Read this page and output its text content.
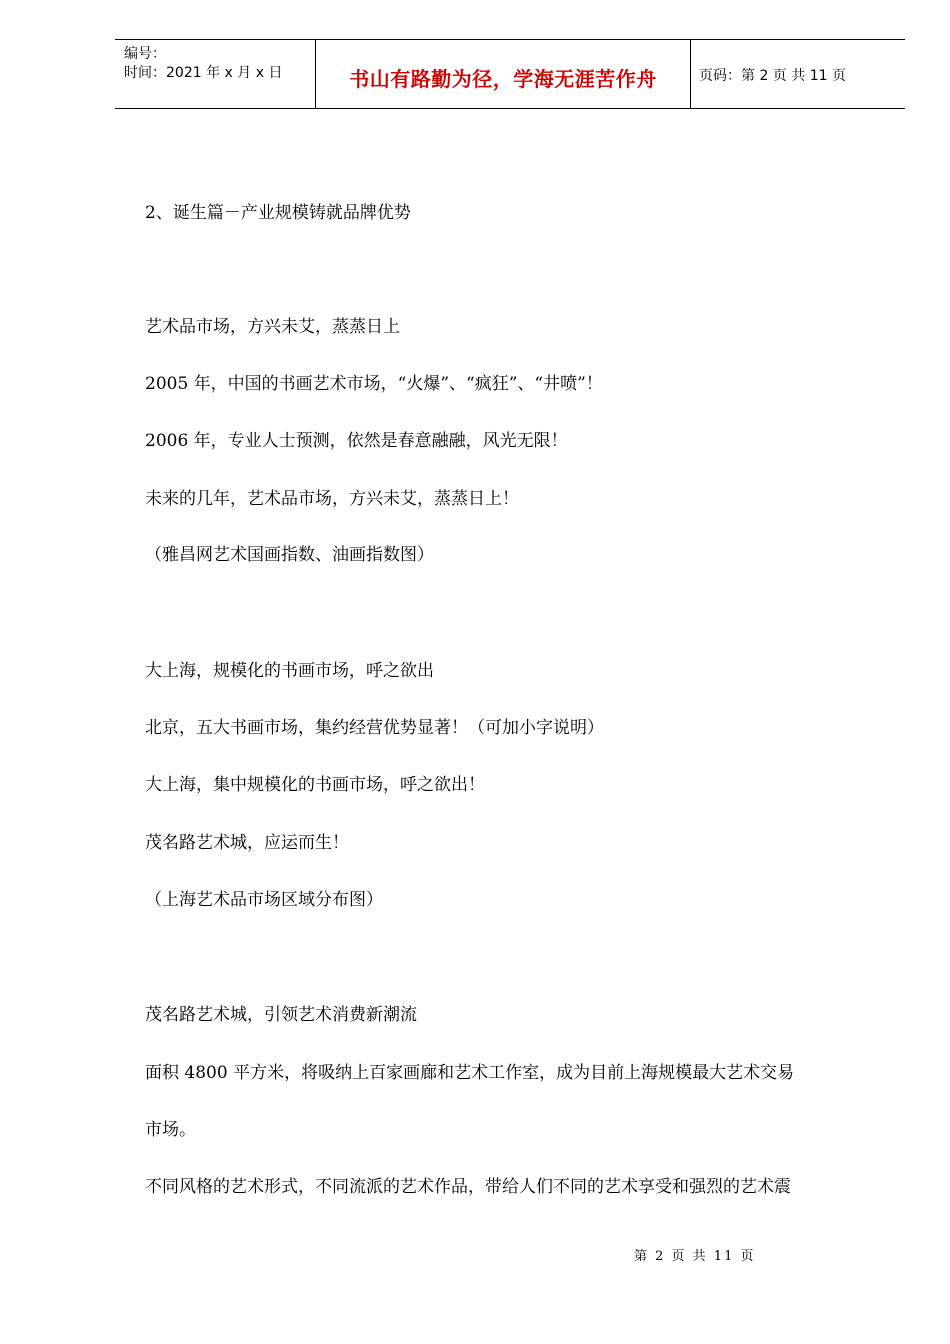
编号：
时间：2021 年 x 月 x 日	书山有路勤为径，学海无涯苦作舟	页码：第 2 页 共 11 页
2、诞生篇－产业规模铸就品牌优势
艺术品市场，方兴未艾，蒸蒸日上
2005 年，中国的书画艺术市场，“火爆”、“疯狂”、“井喷”！
2006 年，专业人士预测，依然是春意融融，风光无限！
未来的几年，艺术品市场，方兴未艾，蒸蒸日上！
（雅昌网艺术国画指数、油画指数图）
大上海，规模化的书画市场，呼之欲出
北京，五大书画市场，集约经营优势显著！（可加小字说明）
大上海，集中规模化的书画市场，呼之欲出！
茂名路艺术城，应运而生！
（上海艺术品市场区域分布图）
茂名路艺术城，引领艺术消费新潮流
面积 4800 平方米，将吸纳上百家画廊和艺术工作室，成为目前上海规模最大艺术交易
市场。
不同风格的艺术形式，不同流派的艺术作品，带给人们不同的艺术享受和强烈的艺术震
第 2 页 共 11 页
